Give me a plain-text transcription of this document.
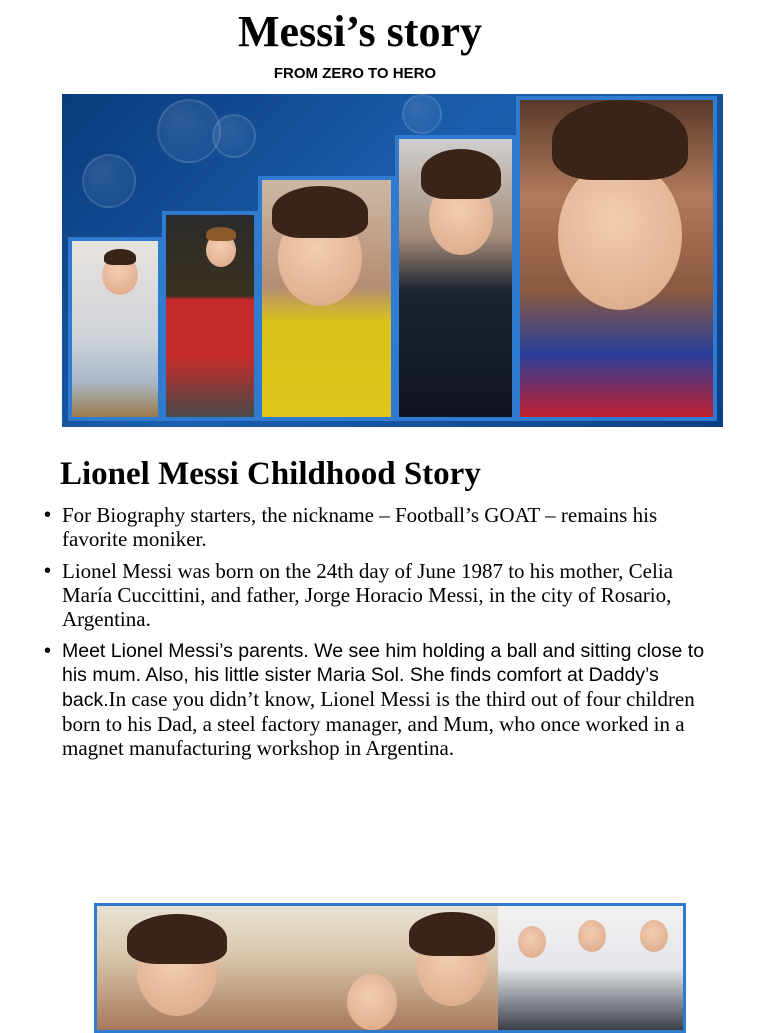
Messi’s story
FROM ZERO TO HERO
Lionel Messi Childhood Story
• For Biography starters, the nickname – Football’s GOAT – remains his favorite moniker.
• Lionel Messi was born on the 24th day of June 1987 to his mother, Celia María Cuccittini, and father, Jorge Horacio Messi, in the city of Rosario, Argentina.
• Meet Lionel Messi’s parents. We see him holding a ball and sitting close to his mum. Also, his little sister Maria Sol. She finds comfort at Daddy’s back.In case you didn’t know, Lionel Messi is the third out of four children born to his Dad, a steel factory manager, and Mum, who once worked in a magnet manufacturing workshop in Argentina.
